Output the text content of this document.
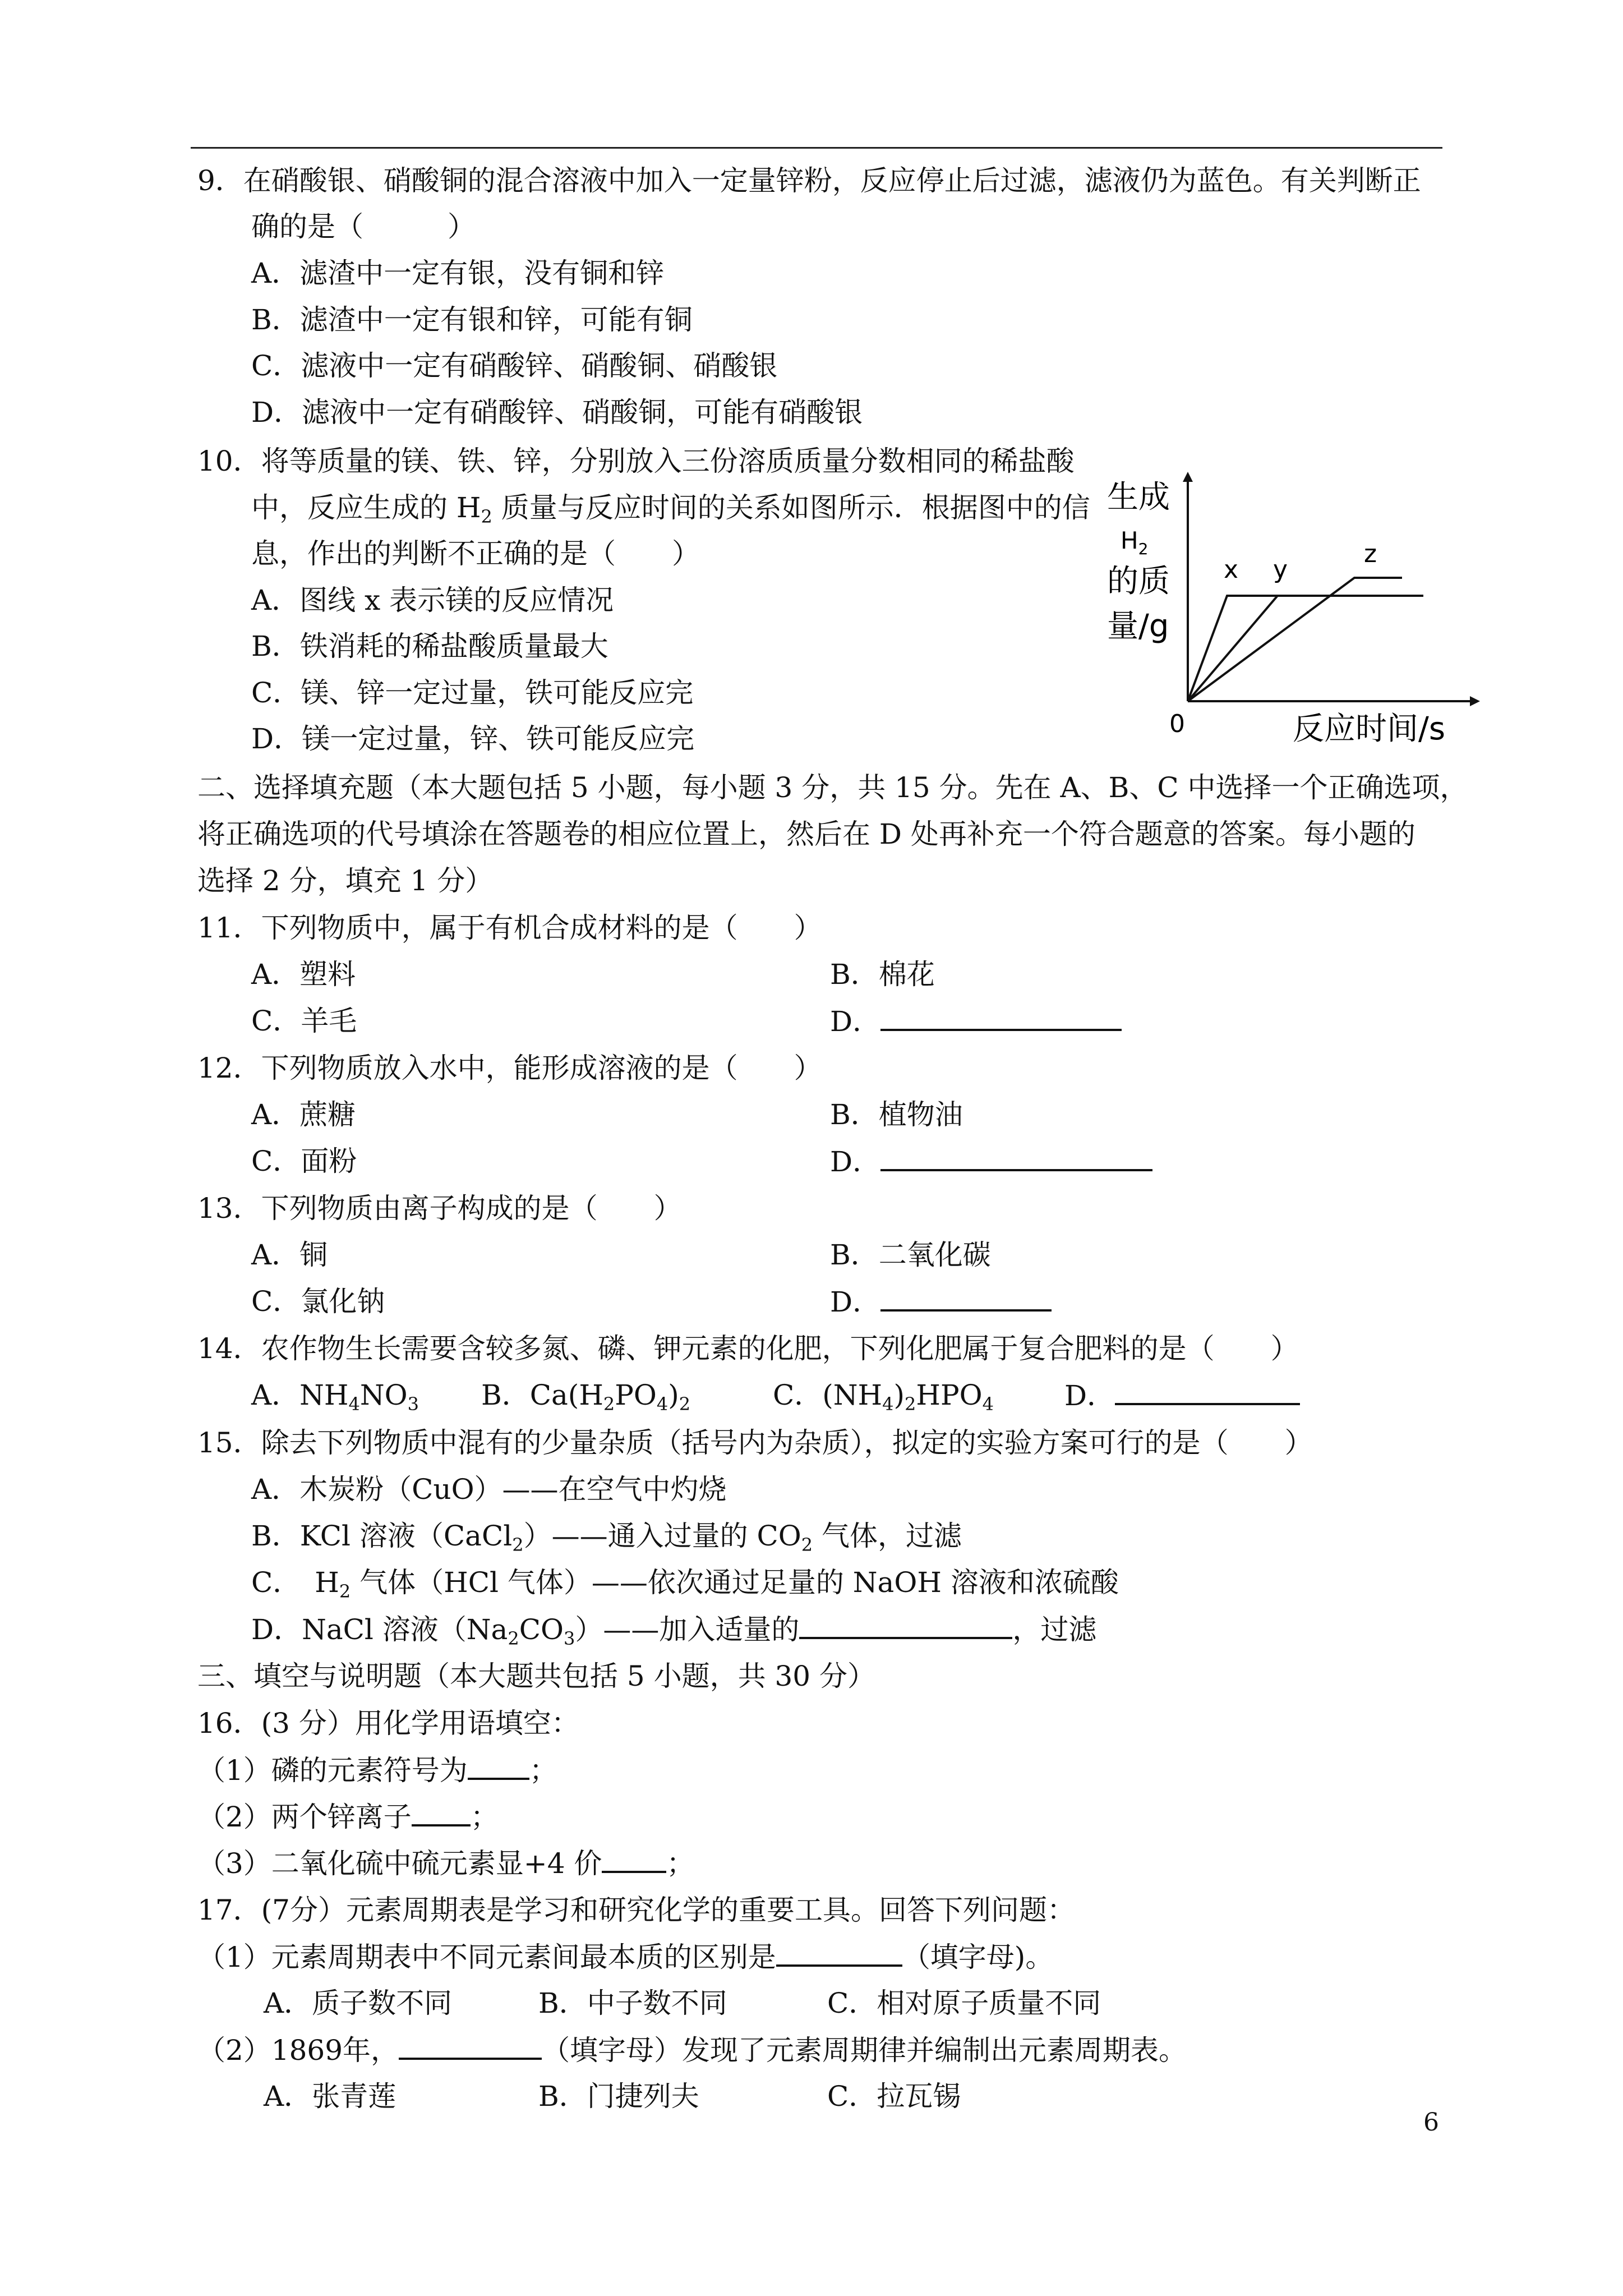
9．在硝酸银、硝酸铜的混合溶液中加入一定量锌粉，反应停止后过滤，滤液仍为蓝色。有关判断正
确的是（　　　）
A．滤渣中一定有银，没有铜和锌
B．滤渣中一定有银和锌，可能有铜
C．滤液中一定有硝酸锌、硝酸铜、硝酸银
D．滤液中一定有硝酸锌、硝酸铜，可能有硝酸银
10．将等质量的镁、铁、锌，分别放入三份溶质质量分数相同的稀盐酸
中，反应生成的 $H_2$ 质量与反应时间的关系如图所示．根据图中的信
息，作出的判断不正确的是（　　）
A．图线 x 表示镁的反应情况
B．铁消耗的稀盐酸质量最大
C．镁、锌一定过量，铁可能反应完
D．镁一定过量，锌、铁可能反应完
生成
$H_2$
的质
量/g
0	反应时间/s
x y
z
二、选择填充题（本大题包括 5 小题，每小题 3 分，共 15 分。先在 A、B、C 中选择一个正确选项，
将正确选项的代号填涂在答题卷的相应位置上，然后在 D 处再补充一个符合题意的答案。每小题的
选择 2 分，填充 1 分）
11．下列物质中，属于有机合成材料的是（　　）
A．塑料	B．棉花
C．羊毛	D．
12．下列物质放入水中，能形成溶液的是（　　）
A．蔗糖	B．植物油
C．面粉	D．
13．下列物质由离子构成的是（　　）
A．铜	B．二氧化碳
C．氯化钠	D．
14．农作物生长需要含较多氮、磷、钾元素的化肥，下列化肥属于复合肥料的是（　　）
A．$NH_4NO_3$ B．$Ca(H_2PO_4)_2$	C．$(NH_4)_2HPO_4$	D．
15．除去下列物质中混有的少量杂质（括号内为杂质），拟定的实验方案可行的是（　　）
A．木炭粉（CuO）——在空气中灼烧
B．KCl 溶液（CaCl$_2$）——通入过量的 $CO_2$ 气体，过滤
C．　$H_2$ 气体（HCl 气体）——依次通过足量的 NaOH 溶液和浓硫酸
D．NaCl 溶液$(Na_2CO_3)——$加入适量的	，过滤
三、填空与说明题（本大题共包括 5 小题，共 30 分）
16．(3 分）用化学用语填空：
（1）磷的元素符号为 ；
（2）两个锌离子 ；
（3）二氧化硫中硫元素显+4 价 ；
17．(7分）元素周期表是学习和研究化学的重要工具。回答下列问题：
（1）元素周期表中不同元素间最本质的区别是	（填字母)。
A．质子数不同	B．中子数不同	C．相对原子质量不同
（2）1869年，	（填字母）发现了元素周期律并编制出元素周期表。
A．张青莲	B．门捷列夫	C．拉瓦锡
6
